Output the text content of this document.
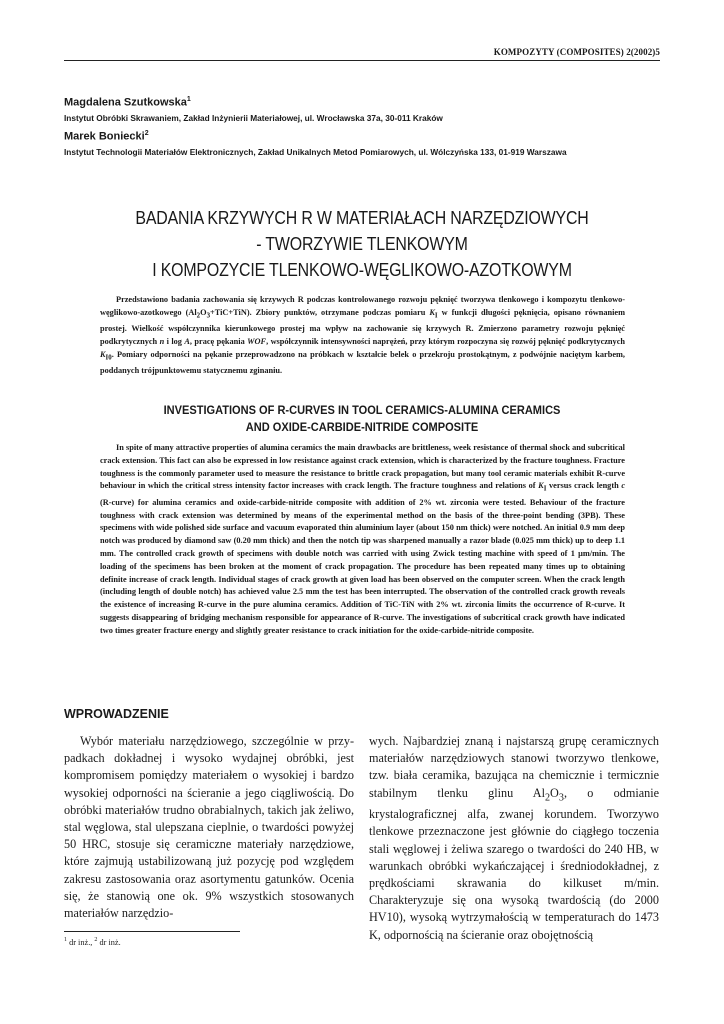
KOMPOZYTY (COMPOSITES) 2(2002)5
Magdalena Szutkowska$^1$
Instytut Obróbki Skrawaniem, Zakład Inżynierii Materiałowej, ul. Wrocławska 37a, 30-011 Kraków
Marek Boniecki$^2$
Instytut Technologii Materiałów Elektronicznych, Zakład Unikalnych Metod Pomiarowych, ul. Wólczyńska 133, 01-919 Warszawa
BADANIA KRZYWYCH R W MATERIAŁACH NARZĘDZIOWYCH
- TWORZYWIE TLENKOWYM
I KOMPOZYCIE TLENKOWO-WĘGLIKOWO-AZOTKOWYM
Przedstawiono badania zachowania się krzywych R podczas kontrolowanego rozwoju pęknięć tworzywa tlenkowego i kompozytu tlenkowo-węglikowo-azotkowego $(Al_2O_3+TiC+TiN)$. Zbiory punktów, otrzymane podczas pomiaru $K_I$ w funkcji długości pęknięcia, opisano równaniem prostej. Wielkość współczynnika kierunkowego prostej ma wpływ na zachowanie się krzywych R. Zmierzono parametry rozwoju pęknięć podkrytycznych n i log A, pracę pękania WOF, współczynnik intensywności naprężeń, przy którym rozpoczyna się rozwój pęknięć podkrytycznych $K_{I0}$. Pomiary odporności na pękanie przeprowadzono na próbkach w kształcie belek o przekroju prostokątnym, z podwójnie naciętym karbem, poddanych trójpunktowemu statycznemu zginaniu.
INVESTIGATIONS OF R-CURVES IN TOOL CERAMICS-ALUMINA CERAMICS
AND OXIDE-CARBIDE-NITRIDE COMPOSITE
In spite of many attractive properties of alumina ceramics the main drawbacks are brittleness, week resistance of thermal shock and subcritical crack extension. This fact can also be expressed in low resistance against crack extension, which is characterized by the fracture toughness. Fracture toughness is the commonly parameter used to measure the resistance to brittle crack propagation, but many tool ceramic materials exhibit R-curve behaviour in which the critical stress intensity factor increases with crack length. The fracture toughness and relations of $K_I$ versus crack length c (R-curve) for alumina ceramics and oxide-carbide-nitride composite with addition of 2% wt. zirconia were tested. Behaviour of the fracture toughness with crack extension was determined by means of the experimental method on the basis of the three-point bending (3PB). These specimens with wide polished side surface and vacuum evaporated thin aluminium layer (about 150 nm thick) were notched. An initial 0.9 mm deep notch was produced by diamond saw (0.20 mm thick) and then the notch tip was sharpened manually a razor blade (0.025 mm thick) up to deep 1.1 mm. The controlled crack growth of specimens with double notch was carried with using Zwick testing machine with speed of 1 μm/min. The loading of the specimens has been broken at the moment of crack propagation. The procedure has been repeated many times up to obtaining definite increase of crack length. Individual stages of crack growth at given load has been observed on the computer screen. When the crack length (including length of double notch) has achieved value 2.5 mm the test has been interrupted. The observation of the controlled crack growth reveals the existence of increasing R-curve in the pure alumina ceramics. Addition of TiC-TiN with 2% wt. zirconia limits the occurrence of R-curve. It suggests disappearing of bridging mechanism responsible for appearance of R-curve. The investigations of subcritical crack growth have indicated two times greater fracture energy and slightly greater resistance to crack initiation for the oxide-carbide-nitride composite.
WPROWADZENIE
Wybór materiału narzędziowego, szczególnie w przy- padkach dokładnej i wysoko wydajnej obróbki, jest kompromisem pomiędzy materiałem o wysokiej i bardzo wysokiej odporności na ścieranie a jego ciągliwością. Do obróbki materiałów trudno obrabialnych, takich jak żeliwo, stal węglowa, stal ulepszana cieplnie, o twardości powyżej 50 HRC, stosuje się ceramiczne materiały narzędziowe, które zajmują ustabilizowaną już pozycję pod względem zakresu zastosowania oraz asortymentu gatunków. Ocenia się, że stanowią one ok. 9% wszystkich stosowanych materiałów narzędzio-
wych. Najbardziej znaną i najstarszą grupę ceramicznych materiałów narzędziowych stanowi tworzywo tlenkowe, tzw. biała ceramika, bazująca na chemicznie i termicznie stabilnym tlenku glinu $Al_2O_3$, o odmianie krystalograficznej alfa, zwanej korundem. Tworzywo tlenkowe przeznaczone jest głównie do ciągłego toczenia stali węglowej i żeliwa szarego o twardości do 240 HB, w warunkach obróbki wykańczającej i średniodokładnej, z prędkościami skrawania do kilkuset m/min. Charakteryzuje się ona wysoką twardością (do 2000 HV10), wysoką wytrzymałością w temperaturach do 1473 K, odpornością na ścieranie oraz obojętnością
$^1$ dr inż., $^2$ dr inż.
